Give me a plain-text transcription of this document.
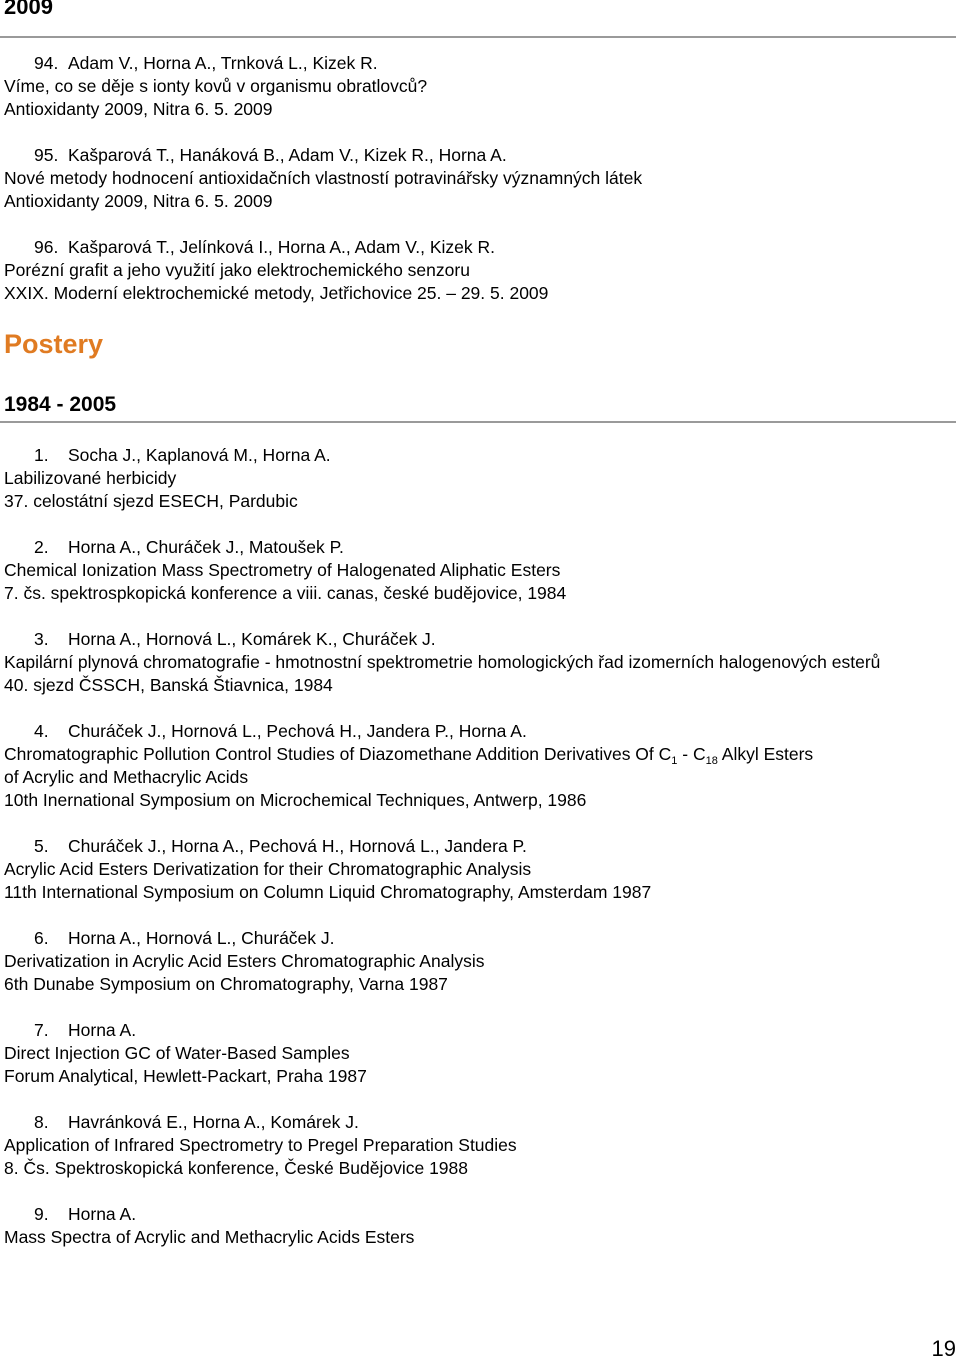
2009
94. Adam V., Horna A., Trnková L., Kizek R.
Víme, co se děje s ionty kovů v organismu obratlovců?
Antioxidanty 2009, Nitra 6. 5. 2009
95. Kašparová T., Hanáková B., Adam V., Kizek R., Horna A.
Nové metody hodnocení antioxidačních vlastností potravinářsky významných látek
Antioxidanty 2009, Nitra 6. 5. 2009
96. Kašparová T., Jelínková I., Horna A., Adam V., Kizek R.
Porézní grafit a jeho využití jako elektrochemického senzoru
XXIX. Moderní elektrochemické metody, Jetřichovice 25. – 29. 5. 2009
Postery
1984 - 2005
1. Socha J., Kaplanová M., Horna A.
Labilizované herbicidy
37. celostátní sjezd ESECH, Pardubic
2. Horna A., Churáček J., Matoušek P.
Chemical Ionization Mass Spectrometry of Halogenated Aliphatic Esters
7. čs. spektrospkopická konference a viii. canas, české budějovice, 1984
3. Horna A., Hornová L., Komárek K., Churáček J.
Kapilární plynová chromatografie - hmotnostní spektrometrie homologických řad izomerních halogenových esterů
40. sjezd ČSSCH, Banská Štiavnica, 1984
4. Churáček J., Hornová L., Pechová H., Jandera P., Horna A.
Chromatographic Pollution Control Studies of Diazomethane Addition Derivatives Of $C_1 - C_{18}$ Alkyl Esters
of Acrylic and Methacrylic Acids
10th Inernational Symposium on Microchemical Techniques, Antwerp, 1986
5. Churáček J., Horna A., Pechová H., Hornová L., Jandera P.
Acrylic Acid Esters Derivatization for their Chromatographic Analysis
11th International Symposium on Column Liquid Chromatography, Amsterdam 1987
6. Horna A., Hornová L., Churáček J.
Derivatization in Acrylic Acid Esters Chromatographic Analysis
6th Dunabe Symposium on Chromatography, Varna 1987
7. Horna A.
Direct Injection GC of Water-Based Samples
Forum Analytical, Hewlett-Packart, Praha 1987
8. Havránková E., Horna A., Komárek J.
Application of Infrared Spectrometry to Pregel Preparation Studies
8. Čs. Spektroskopická konference, České Budějovice 1988
9. Horna A.
Mass Spectra of Acrylic and Methacrylic Acids Esters
19
